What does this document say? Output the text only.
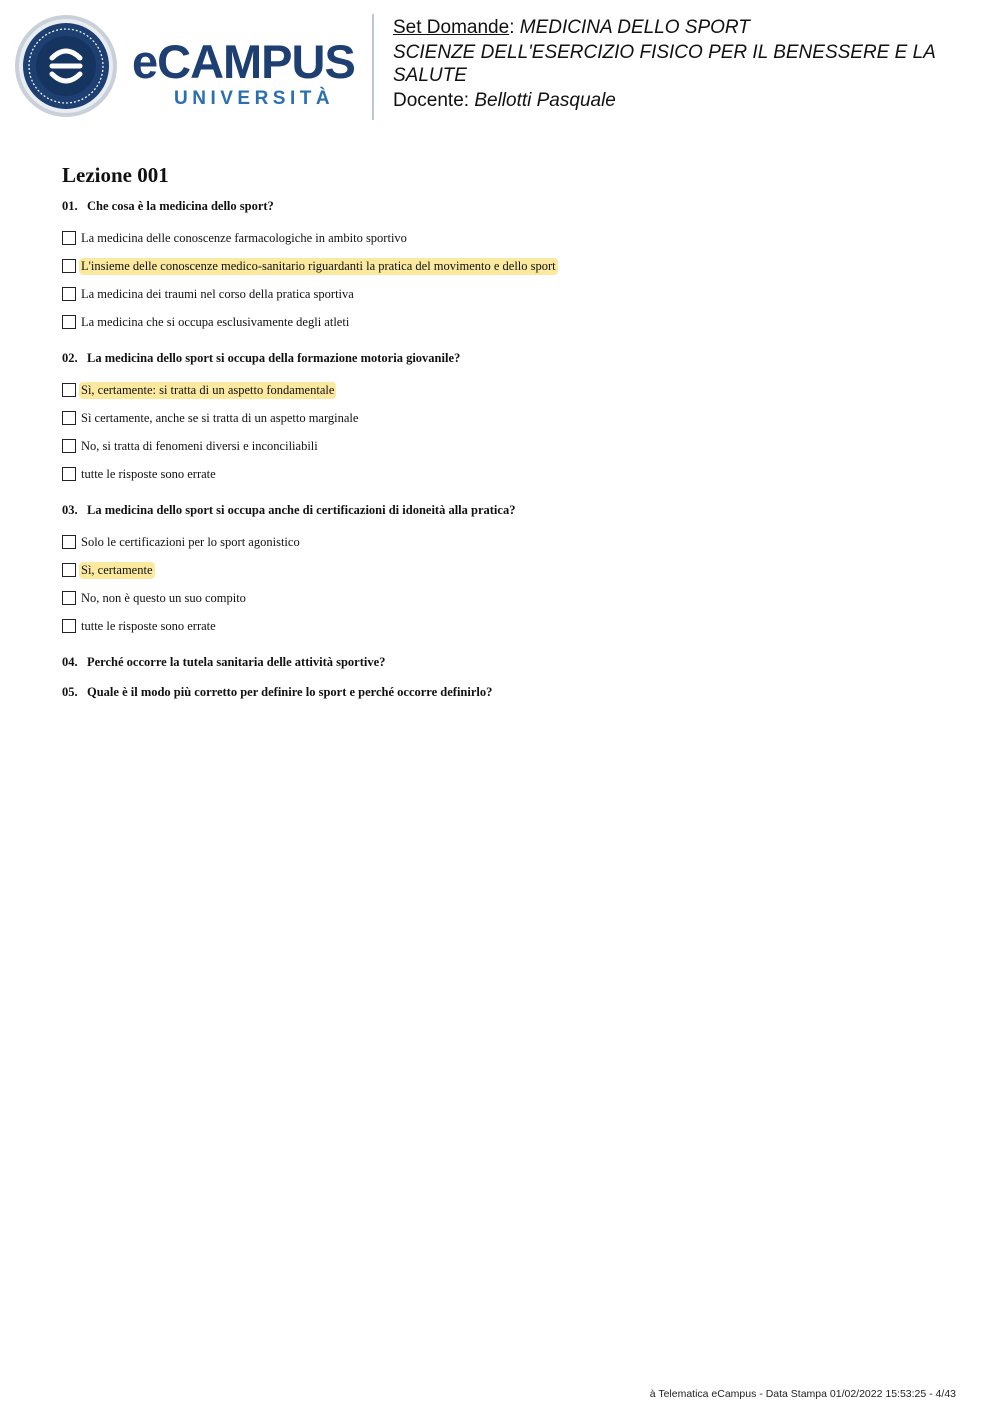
eCAMPUS
UNIVERSITÀ
Set Domande: MEDICINA DELLO SPORT
SCIENZE DELL'ESERCIZIO FISICO PER IL BENESSERE E LA SALUTE
Docente: Bellotti Pasquale
Lezione 001

01. Che cosa è la medicina dello sport?

La medicina delle conoscenze farmacologiche in ambito sportivo
L'insieme delle conoscenze medico-sanitario riguardanti la pratica del movimento e dello sport
La medicina dei traumi nel corso della pratica sportiva
La medicina che si occupa esclusivamente degli atleti

02. La medicina dello sport si occupa della formazione motoria giovanile?

Sì, certamente: si tratta di un aspetto fondamentale
Sì certamente, anche se si tratta di un aspetto marginale
No, si tratta di fenomeni diversi e inconciliabili
tutte le risposte sono errate

03. La medicina dello sport si occupa anche di certificazioni di idoneità alla pratica?

Solo le certificazioni per lo sport agonistico
Sì, certamente
No, non è questo un suo compito
tutte le risposte sono errate

04. Perché occorre la tutela sanitaria delle attività sportive?

05. Quale è il modo più corretto per definire lo sport e perché occorre definirlo?

à Telematica eCampus - Data Stampa 01/02/2022 15:53:25 - 4/43
